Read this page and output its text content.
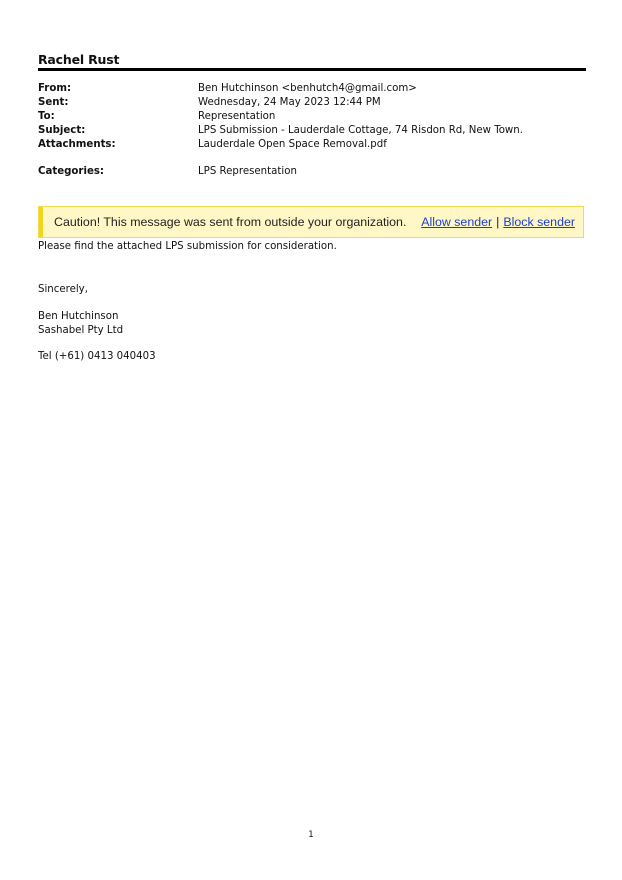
Rachel Rust
From:	Ben Hutchinson <benhutch4@gmail.com>
Sent:	Wednesday, 24 May 2023 12:44 PM
To:	Representation
Subject:	LPS Submission - Lauderdale Cottage, 74 Risdon Rd, New Town.
Attachments:	Lauderdale Open Space Removal.pdf
Categories:	LPS Representation
Caution! This message was sent from outside your organization. Allow sender | Block sender
Please find the attached LPS submission for consideration.
Sincerely,
Ben Hutchinson
Sashabel Pty Ltd
Tel (+61) 0413 040403
1
